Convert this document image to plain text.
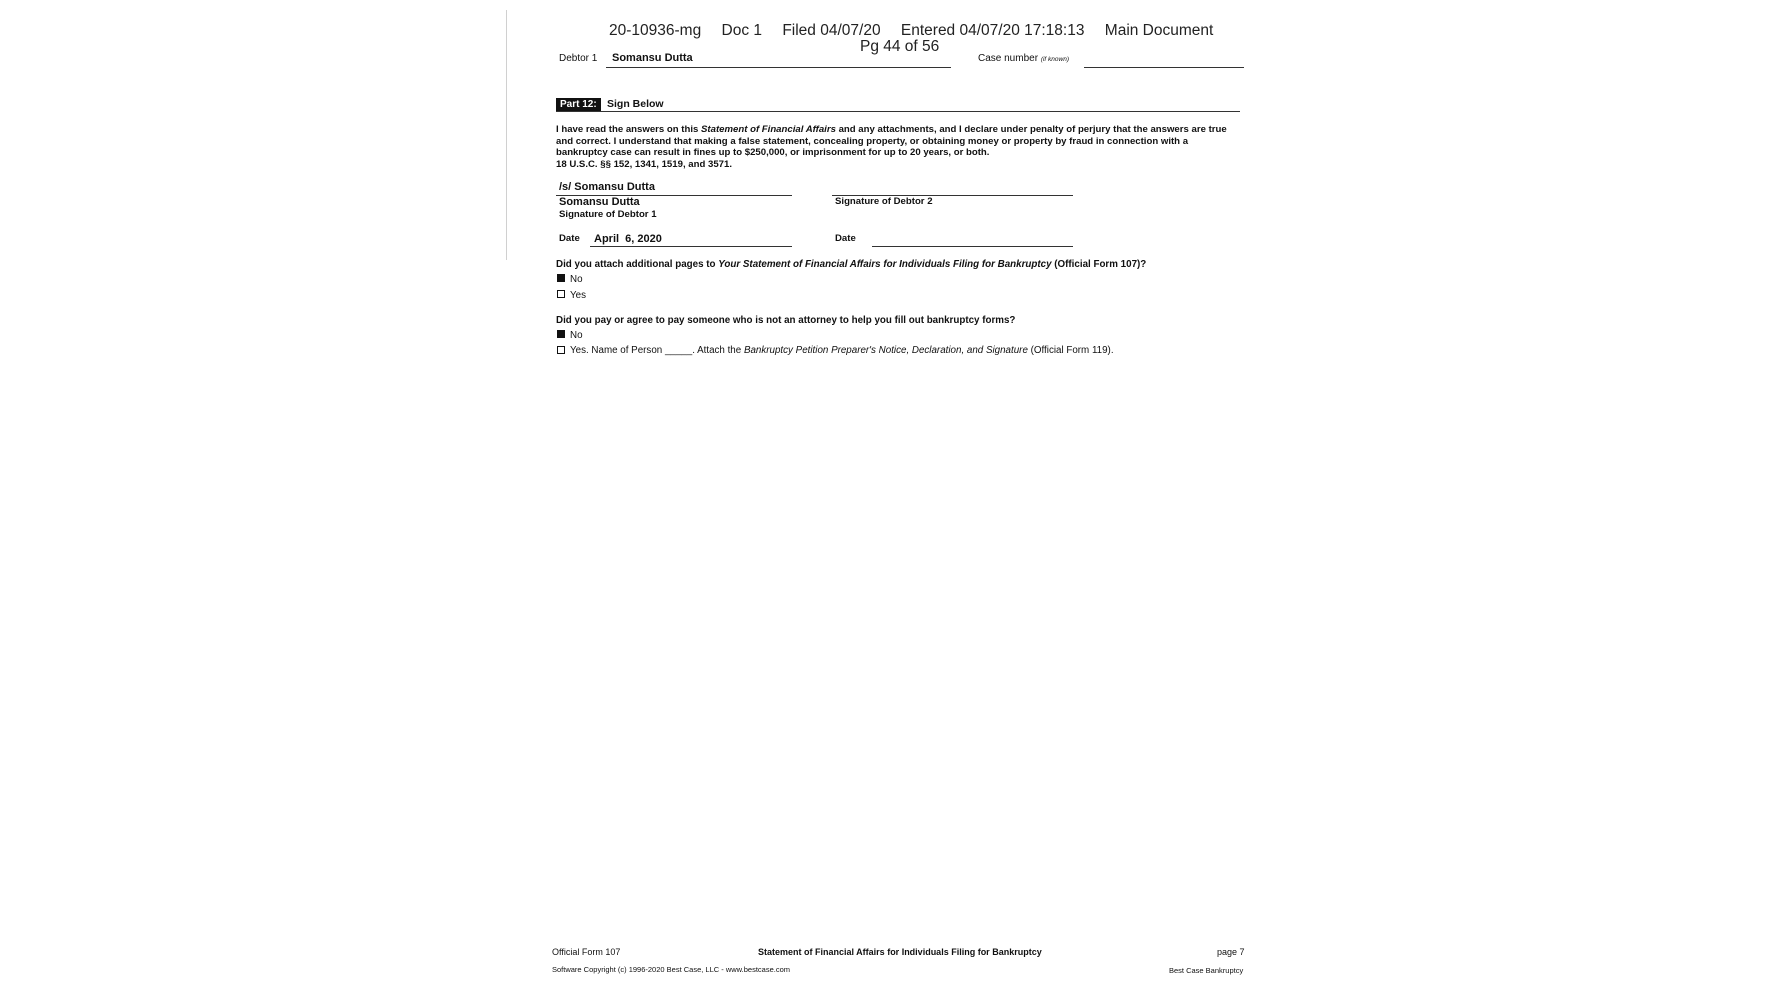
20-10936-mg Doc 1 Filed 04/07/20 Entered 04/07/20 17:18:13 Main Document
Pg 44 of 56
Debtor 1 Somansu Dutta	Case number (if known)
Part 12: Sign Below
I have read the answers on this Statement of Financial Affairs and any attachments, and I declare under penalty of perjury that the answers are true and correct. I understand that making a false statement, concealing property, or obtaining money or property by fraud in connection with a bankruptcy case can result in fines up to $250,000, or imprisonment for up to 20 years, or both.
18 U.S.C. §§ 152, 1341, 1519, and 3571.
/s/ Somansu Dutta
Somansu Dutta
Signature of Debtor 1
Signature of Debtor 2
Date April  6, 2020	Date
Did you attach additional pages to Your Statement of Financial Affairs for Individuals Filing for Bankruptcy (Official Form 107)?
No
Yes
Did you pay or agree to pay someone who is not an attorney to help you fill out bankruptcy forms?
No
Yes. Name of Person _____. Attach the Bankruptcy Petition Preparer's Notice, Declaration, and Signature (Official Form 119).
Official Form 107	Statement of Financial Affairs for Individuals Filing for Bankruptcy	page 7
Software Copyright (c) 1996-2020 Best Case, LLC - www.bestcase.com	Best Case Bankruptcy
